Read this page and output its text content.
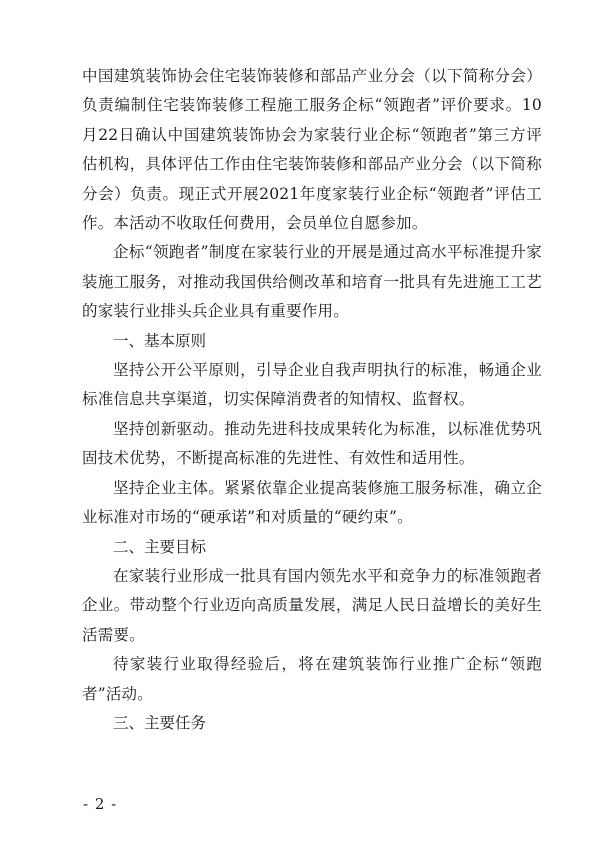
中国建筑装饰协会住宅装饰装修和部品产业分会（以下简称分会）负责编制住宅装饰装修工程施工服务企标“领跑者”评价要求。10月22日确认中国建筑装饰协会为家装行业企标“领跑者”第三方评估机构，具体评估工作由住宅装饰装修和部品产业分会（以下简称分会）负责。现正式开展2021年度家装行业企标“领跑者”评估工作。本活动不收取任何费用，会员单位自愿参加。

企标“领跑者”制度在家装行业的开展是通过高水平标准提升家装施工服务，对推动我国供给侧改革和培育一批具有先进施工工艺的家装行业排头兵企业具有重要作用。

一、基本原则

坚持公开公平原则，引导企业自我声明执行的标准，畅通企业标准信息共享渠道，切实保障消费者的知情权、监督权。

坚持创新驱动。推动先进科技成果转化为标准，以标准优势巩固技术优势，不断提高标准的先进性、有效性和适用性。

坚持企业主体。紧紧依靠企业提高装修施工服务标准，确立企业标准对市场的“硬承诺”和对质量的“硬约束”。

二、主要目标

在家装行业形成一批具有国内领先水平和竞争力的标准领跑者企业。带动整个行业迈向高质量发展，满足人民日益增长的美好生活需要。

待家装行业取得经验后，将在建筑装饰行业推广企标“领跑者”活动。

三、主要任务

- 2 -
